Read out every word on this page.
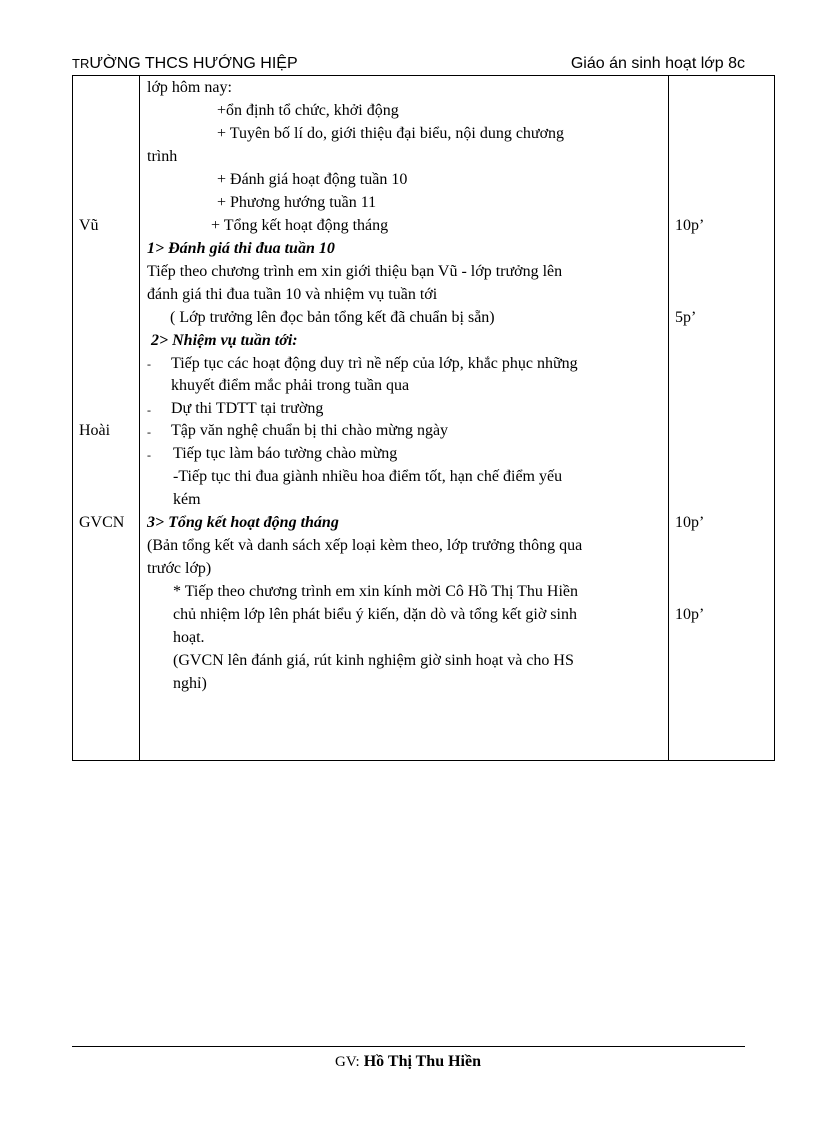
TRƯỜNG THCS HƯỚNG HIỆP	Giáo án sinh hoạt lớp 8c
Vũ
Hoài
GVCN
lớp hôm nay:
+ổn định tổ chức, khởi động
+ Tuyên bố lí do, giới thiệu đại biểu, nội dung chương
trình
+ Đánh giá hoạt động tuần 10
+ Phương hướng tuần 11
+ Tổng kết hoạt động tháng
1> Đánh giá thi đua tuần 10
Tiếp theo chương trình em xin giới thiệu bạn Vũ - lớp trưởng lên
đánh giá thi đua tuần 10 và nhiệm vụ tuần tới
( Lớp trưởng lên đọc bản tổng kết đã chuẩn bị sẵn)
2> Nhiệm vụ tuần tới:
- Tiếp tục các hoạt động duy trì nề nếp của lớp, khắc phục những
khuyết điểm mắc phải trong tuần qua
- Dự thi TDTT tại trường
- Tập văn nghệ chuẩn bị thi chào mừng ngày
- Tiếp tục làm báo tường chào mừng
-Tiếp tục thi đua giành nhiều hoa điểm tốt, hạn chế điểm yếu
kém
3> Tổng kết hoạt động tháng
(Bản tổng kết và danh sách xếp loại kèm theo, lớp trưởng thông qua
trước lớp)
* Tiếp theo chương trình em xin kính mời Cô Hồ Thị Thu Hiền
chủ nhiệm lớp lên phát biểu ý kiến, dặn dò và tổng kết giờ sinh
hoạt.
(GVCN lên đánh giá, rút kinh nghiệm giờ sinh hoạt và cho HS
nghỉ)
10p’
5p’
10p’
10p’
GV: Hồ Thị Thu Hiền
